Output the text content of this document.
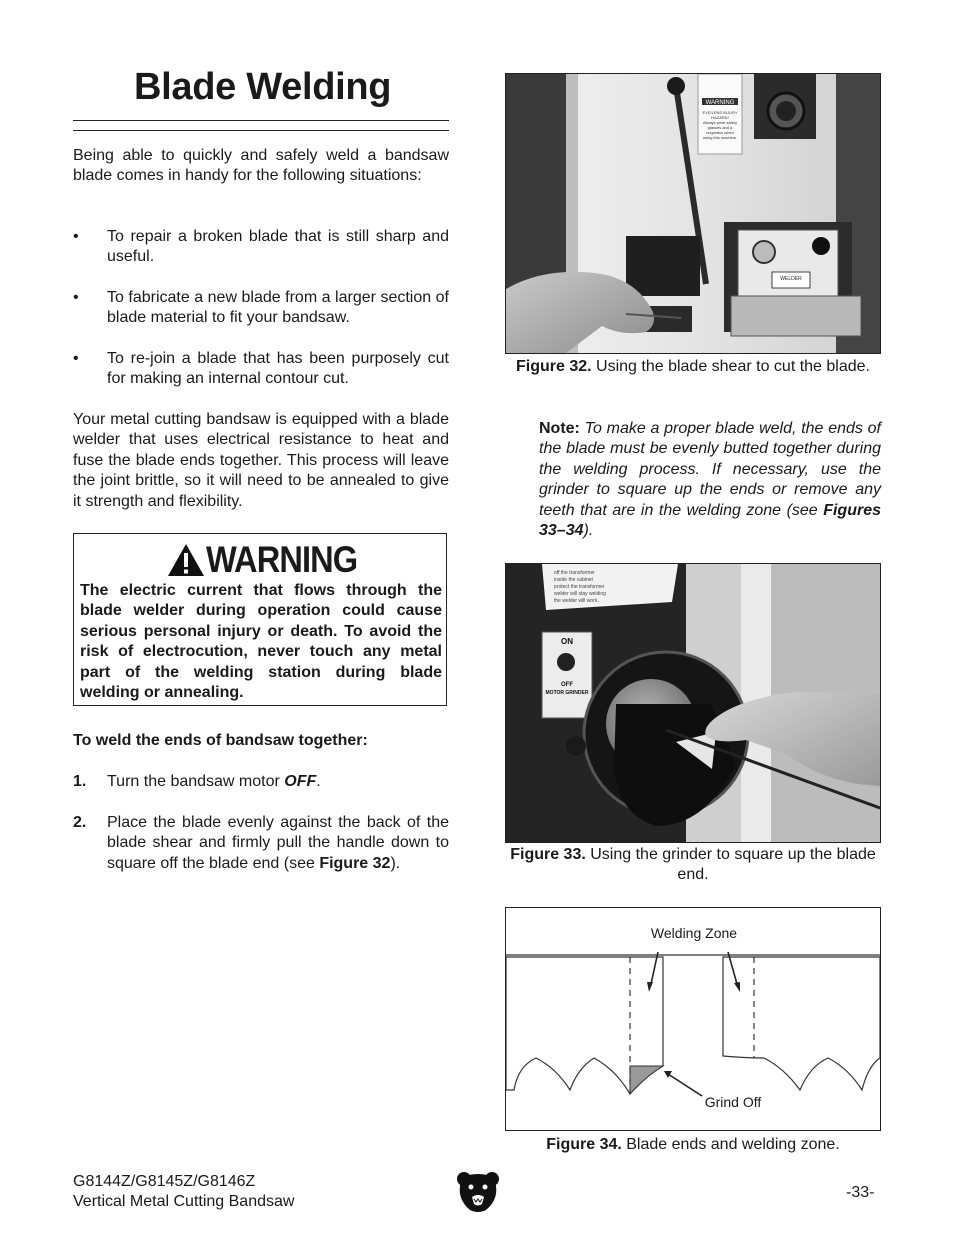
Blade Welding

Being able to quickly and safely weld a bandsaw blade comes in handy for the following situations:

• To repair a broken blade that is still sharp and useful.
• To fabricate a new blade from a larger section of blade material to fit your bandsaw.
• To re-join a blade that has been purposely cut for making an internal contour cut.

Your metal cutting bandsaw is equipped with a blade welder that uses electrical resistance to heat and fuse the blade ends together. This process will leave the joint brittle, so it will need to be annealed to give it strength and flexibility.

WARNING

The electric current that flows through the blade welder during operation could cause serious personal injury or death. To avoid the risk of electrocution, never touch any metal part of the welding station during blade welding or annealing.

To weld the ends of bandsaw together:
1. Turn the bandsaw motor OFF.
2. Place the blade evenly against the back of the blade shear and firmly pull the handle down to square off the blade end (see Figure 32).
WARNING
EYE/LENS INJURY
HAZARD!
Always wear safety
glasses and a
respirator when
using this machine.
WELDER

Figure 32. Using the blade shear to cut the blade.

Note: To make a proper blade weld, the ends of the blade must be evenly butted together during the welding process. If necessary, use the grinder to square up the ends or remove any teeth that are in the welding zone (see Figures 33–34).

off the transformer
inside the cabinet
protect the transformer
welder will stay welding
the welder will work.
ON
OFF
MOTOR GRINDER

Figure 33. Using the grinder to square up the blade end.

Welding Zone
Grind Off

Figure 34. Blade ends and welding zone.

G8144Z/G8145Z/G8146Z
Vertical Metal Cutting Bandsaw
-33-
